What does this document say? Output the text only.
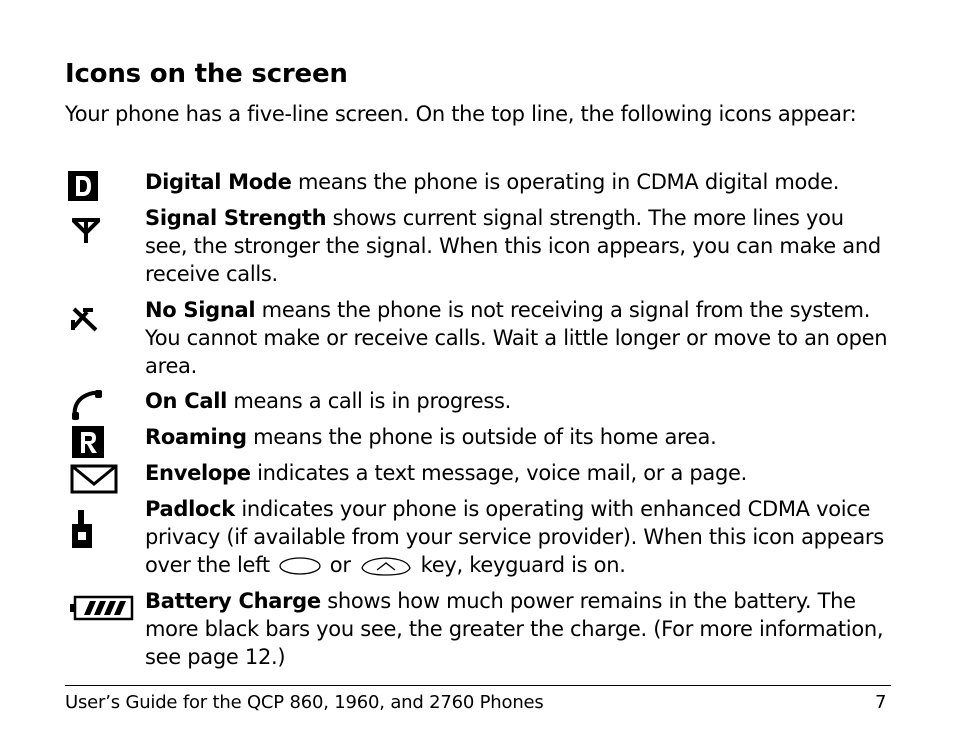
Icons on the screen

Your phone has a five-line screen. On the top line, the following icons appear:

Digital Mode means the phone is operating in CDMA digital mode.

Signal Strength shows current signal strength. The more lines you see, the stronger the signal. When this icon appears, you can make and receive calls.

No Signal means the phone is not receiving a signal from the system. You cannot make or receive calls. Wait a little longer or move to an open area.

On Call means a call is in progress.

Roaming means the phone is outside of its home area.

Envelope indicates a text message, voice mail, or a page.

Padlock indicates your phone is operating with enhanced CDMA voice privacy (if available from your service provider). When this icon appears over the left	or	key, keyguard is on.

Battery Charge shows how much power remains in the battery. The more black bars you see, the greater the charge. (For more information, see page 12.)

User’s Guide for the QCP 860, 1960, and 2760 Phones	7
